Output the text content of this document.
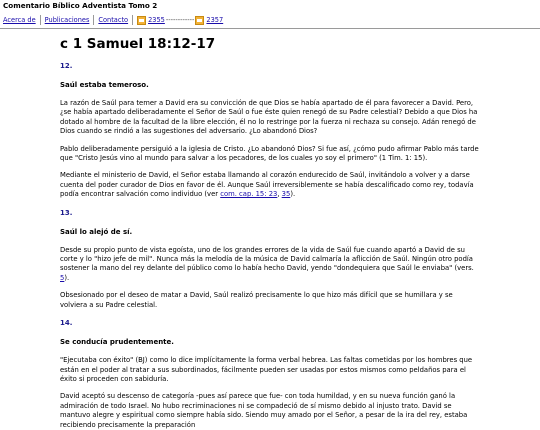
Comentario Bíblico Adventista Tomo 2
Acerca de Publicaciones Contacto	2355 ------------ 2357
c 1 Samuel 18:12-17
12.
Saúl estaba temeroso.

La razón de Saúl para temer a David era su convicción de que Dios se había apartado de él para favorecer a David. Pero, ¿se había apartado deliberadamente el Señor de Saúl o fue éste quien renegó de su Padre celestial? Debido a que Dios ha dotado al hombre de la facultad de la libre elección, él no lo restringe por la fuerza ni rechaza su consejo. Adán renegó de Dios cuando se rindió a las sugestiones del adversario. ¿Lo abandonó Dios?

Pablo deliberadamente persiguió a la iglesia de Cristo. ¿Lo abandonó Dios? Si fue así, ¿cómo pudo afirmar Pablo más tarde que "Cristo Jesús vino al mundo para salvar a los pecadores, de los cuales yo soy el primero" (1 Tim. 1: 15).

Mediante el ministerio de David, el Señor estaba llamando al corazón endurecido de Saúl, invitándolo a volver y a darse cuenta del poder curador de Dios en favor de él. Aunque Saúl irreversiblemente se había descalificado como rey, todavía podía encontrar salvación como individuo (ver com. cap. 15: 23, 35).

13.
Saúl lo alejó de sí.

Desde su propio punto de vista egoísta, uno de los grandes errores de la vida de Saúl fue cuando apartó a David de su corte y lo "hizo jefe de mil". Nunca más la melodía de la música de David calmaría la aflicción de Saúl. Ningún otro podía sostener la mano del rey delante del público como lo había hecho David, yendo "dondequiera que Saúl le enviaba" (vers. 5).

Obsesionado por el deseo de matar a David, Saúl realizó precisamente lo que hizo más difícil que se humillara y se volviera a su Padre celestial.

14.
Se conducía prudentemente.

"Ejecutaba con éxito" (BJ) como lo dice implícitamente la forma verbal hebrea. Las faltas cometidas por los hombres que están en el poder al tratar a sus subordinados, fácilmente pueden ser usadas por estos mismos como peldaños para el éxito si proceden con sabiduría.

David aceptó su descenso de categoría -pues así parece que fue- con toda humildad, y en su nueva función ganó la admiración de todo Israel. No hubo recriminaciones ni se compadeció de sí mismo debido al injusto trato. David se mantuvo alegre y espiritual como siempre había sido. Siendo muy amado por el Señor, a pesar de la ira del rey, estaba recibiendo precisamente la preparación
